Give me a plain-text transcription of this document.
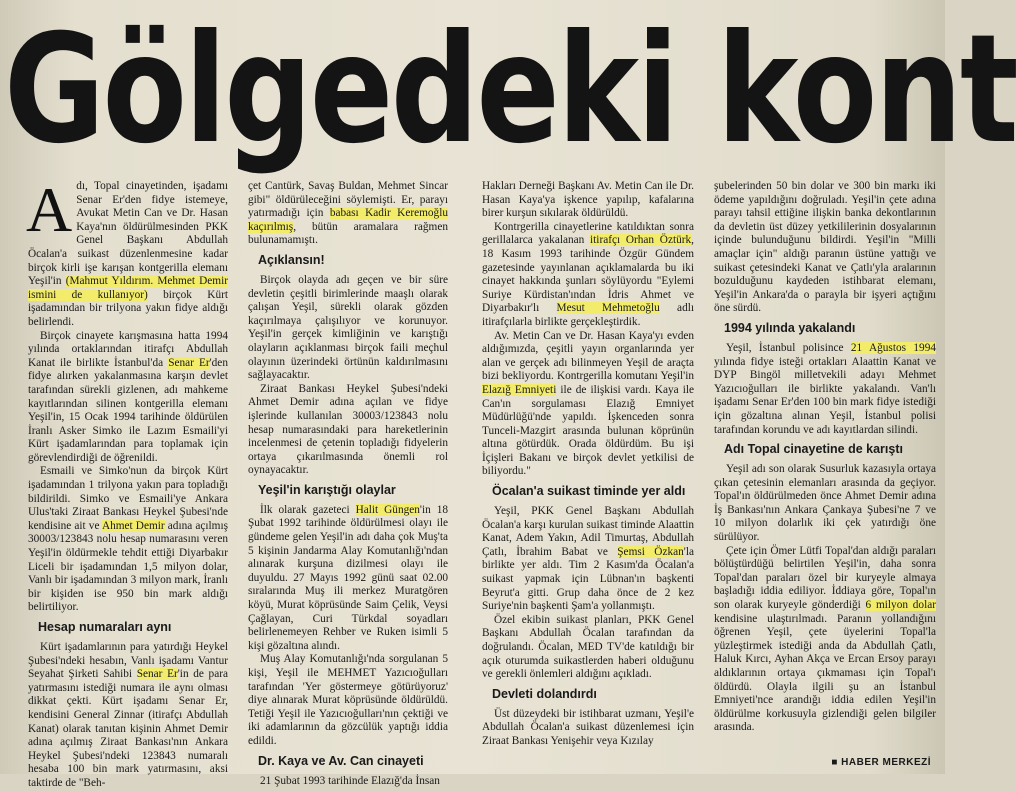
Gölgedeki kont

Adı, Topal cinayetinden, işadamı Senar Er'den fidye istemeye, Avukat Metin Can ve Dr. Hasan Kaya'nın öldürülmesinden PKK Genel Başkanı Abdullah Öcalan'a suikast düzenlenmesine kadar birçok kirli işe karışan kontgerilla elemanı Yeşil'in (Mahmut Yıldırım. Mehmet Demir ismini de kullanıyor) birçok Kürt işadamından bir trilyona yakın fidye aldığı belirlendi.

Birçok cinayete karışmasına hatta 1994 yılında ortaklarından itirafçı Abdullah Kanat ile birlikte İstanbul'da Senar Er'den fidye alırken yakalanmasına karşın devlet tarafından sürekli gizlenen, adı mahkeme kayıtlarından silinen kontgerilla elemanı Yeşil'in, 15 Ocak 1994 tarihinde öldürülen İranlı Asker Simko ile Lazım Esmaili'yi Kürt işadamlarından para toplamak için görevlendirdiği de öğrenildi.

Esmaili ve Simko'nun da birçok Kürt işadamından 1 trilyona yakın para topladığı bildirildi. Simko ve Esmaili'ye Ankara Ulus'taki Ziraat Bankası Heykel Şubesi'nde kendisine ait ve Ahmet Demir adına açılmış 30003/123843 nolu hesap numarasını veren Yeşil'in öldürmekle tehdit ettiği Diyarbakır Liceli bir işadamından 1,5 milyon dolar, Vanlı bir işadamından 3 milyon mark, İranlı bir kişiden ise 950 bin mark aldığı belirtiliyor.

Hesap numaraları aynı

Kürt işadamlarının para yatırdığı Heykel Şubesi'ndeki hesabın, Vanlı işadamı Vantur Seyahat Şirketi Sahibi Senar Er'in de para yatırmasını istediği numara ile aynı olması dikkat çekti. Kürt işadamı Senar Er, kendisini General Zinnar (itirafçı Abdullah Kanat) olarak tanıtan kişinin Ahmet Demir adına açılmış Ziraat Bankası'nın Ankara Heykel Şubesi'ndeki 123843 numaralı hesaba 100 bin mark yatırmasını, aksi taktirde de "Beh-

çet Cantürk, Savaş Buldan, Mehmet Sincar gibi" öldürüleceğini söylemişti. Er, parayı yatırmadığı için babası Kadir Keremoğlu kaçırılmış, bütün aramalara rağmen bulunamamıştı.

Açıklansın!

Birçok olayda adı geçen ve bir süre devletin çeşitli birimlerinde maaşlı olarak çalışan Yeşil, sürekli olarak gözden kaçırılmaya çalışılıyor ve korunuyor. Yeşil'in gerçek kimliğinin ve karıştığı olayların açıklanması birçok faili meçhul olayının üzerindeki örtünün kaldırılmasını sağlayacaktır.

Ziraat Bankası Heykel Şubesi'ndeki Ahmet Demir adına açılan ve fidye işlerinde kullanılan 30003/123843 nolu hesap numarasındaki para hareketlerinin incelenmesi de çetenin topladığı fidyelerin ortaya çıkarılmasında önemli rol oynayacaktır.

Yeşil'in karıştığı olaylar

İlk olarak gazeteci Halit Güngen'in 18 Şubat 1992 tarihinde öldürülmesi olayı ile gündeme gelen Yeşil'in adı daha çok Muş'ta 5 kişinin Jandarma Alay Komutanlığı'ndan alınarak kurşuna dizilmesi olayı ile duyuldu. 27 Mayıs 1992 günü saat 02.00 sıralarında Muş ili merkez Muratgören köyü, Murat köprüsünde Saim Çelik, Veysi Çağlayan, Curi Türkdal soyadları belirlenemeyen Rehber ve Ruken isimli 5 kişi gözaltına alındı.

Muş Alay Komutanlığı'nda sorgulanan 5 kişi, Yeşil ile MEHMET Yazıcıoğulları tarafından 'Yer göstermeye götürüyoruz' diye alınarak Murat köprüsünde öldürüldü. Tetiği Yeşil ile Yazıcıoğulları'nın çektiği ve iki adamlarının da gözcülük yaptığı iddia edildi.

Dr. Kaya ve Av. Can cinayeti

21 Şubat 1993 tarihinde Elazığ'da İnsan

Hakları Derneği Başkanı Av. Metin Can ile Dr. Hasan Kaya'ya işkence yapılıp, kafalarına birer kurşun sıkılarak öldürüldü.

Kontrgerilla cinayetlerine katıldıktan sonra gerillalarca yakalanan itirafçı Orhan Öztürk, 18 Kasım 1993 tarihinde Özgür Gündem gazetesinde yayınlanan açıklamalarda bu iki cinayet hakkında şunları söylüyordu "Eylemi Suriye Kürdistan'ından İdris Ahmet ve Diyarbakır'lı Mesut Mehmetoğlu adlı itirafçılarla birlikte gerçekleştirdik.

Av. Metin Can ve Dr. Hasan Kaya'yı evden aldığımızda, çeşitli yayın organlarında yer alan ve gerçek adı bilinmeyen Yeşil de araçta bizi bekliyordu. Kontrgerilla komutanı Yeşil'in Elazığ Emniyeti ile de ilişkisi vardı. Kaya ile Can'ın sorgulaması Elazığ Emniyet Müdürlüğü'nde yapıldı. İşkenceden sonra Tunceli-Mazgirt arasında bulunan köprünün altına götürdük. Orada öldürdüm. Bu işi İçişleri Bakanı ve birçok devlet yetkilisi de biliyordu."

Öcalan'a suikast timinde yer aldı

Yeşil, PKK Genel Başkanı Abdullah Öcalan'a karşı kurulan suikast timinde Alaattin Kanat, Adem Yakın, Adil Timurtaş, Abdullah Çatlı, İbrahim Babat ve Şemsi Özkan'la birlikte yer aldı. Tim 2 Kasım'da Öcalan'a suikast yapmak için Lübnan'ın başkenti Beyrut'a gitti. Grup daha önce de 2 kez Suriye'nin başkenti Şam'a yollanmıştı.

Özel ekibin suikast planları, PKK Genel Başkanı Abdullah Öcalan tarafından da doğrulandı. Öcalan, MED TV'de katıldığı bir açık oturumda suikastlerden haberi olduğunu ve gerekli önlemleri aldığını açıkladı.

Devleti dolandırdı

Üst düzeydeki bir istihbarat uzmanı, Yeşil'e Abdullah Öcalan'a suikast düzenlemesi için Ziraat Bankası Yenişehir veya Kızılay

şubelerinden 50 bin dolar ve 300 bin markı iki ödeme yapıldığını doğruladı. Yeşil'in çete adına parayı tahsil ettiğine ilişkin banka dekontlarının da devletin üst düzey yetkililerinin dosyalarının içinde bulunduğunu bildirdi. Yeşil'in "Milli amaçlar için" aldığı paranın üstüne yattığı ve suikast çetesindeki Kanat ve Çatlı'yla aralarının bozulduğunu kaydeden istihbarat elemanı, Yeşil'in Ankara'da o parayla bir işyeri açtığını öne sürdü.

1994 yılında yakalandı

Yeşil, İstanbul polisince 21 Ağustos 1994 yılında fidye isteği ortakları Alaattin Kanat ve DYP Bingöl milletvekili adayı Mehmet Yazıcıoğulları ile birlikte yakalandı. Van'lı işadamı Senar Er'den 100 bin mark fidye istediği için gözaltına alınan Yeşil, İstanbul polisi tarafından korundu ve adı kayıtlardan silindi.

Adı Topal cinayetine de karıştı

Yeşil adı son olarak Susurluk kazasıyla ortaya çıkan çetesinin elemanları arasında da geçiyor. Topal'ın öldürülmeden önce Ahmet Demir adına İş Bankası'nın Ankara Çankaya Şubesi'ne 7 ve 10 milyon dolarlık iki çek yatırdığı öne sürülüyor.

Çete için Ömer Lütfi Topal'dan aldığı paraları bölüştürdüğü belirtilen Yeşil'in, daha sonra Topal'dan paraları özel bir kuryeyle almaya başladığı iddia ediliyor. İddiaya göre, Topal'ın son olarak kuryeyle gönderdiği 6 milyon dolar kendisine ulaştırılmadı. Paranın yollandığını öğrenen Yeşil, çete üyelerini Topal'la yüzleştirmek istediği anda da Abdullah Çatlı, Haluk Kırcı, Ayhan Akça ve Ercan Ersoy parayı aldıklarının ortaya çıkmaması için Topal'ı öldürdü. Olayla ilgili şu an İstanbul Emniyeti'nce arandığı iddia edilen Yeşil'in öldürülme korkusuyla gizlendiği gelen bilgiler arasında.

■ HABER MERKEZİ
